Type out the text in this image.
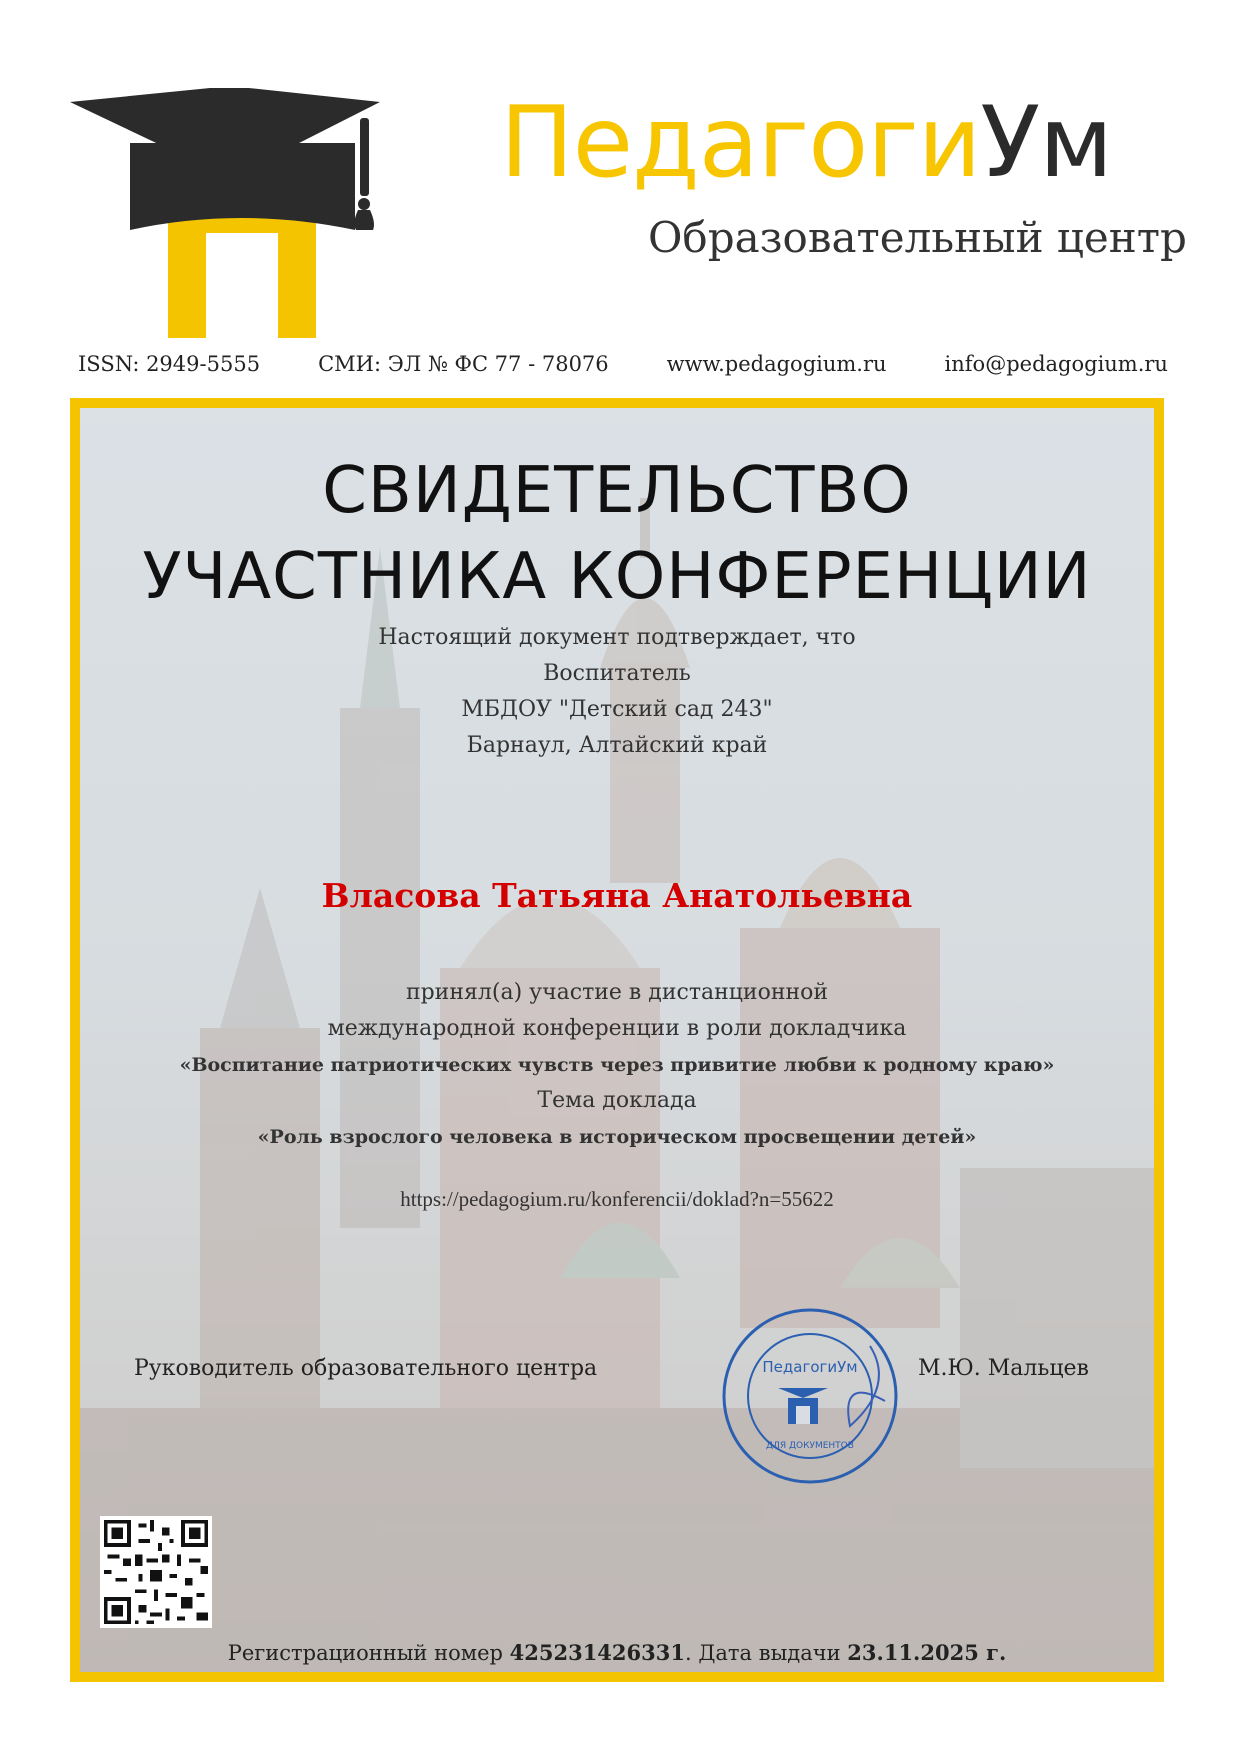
ПедагогиУм
Образовательный центр
ISSN: 2949-5555	СМИ: ЭЛ № ФС 77 - 78076	www.pedagogium.ru	info@pedagogium.ru
СВИДЕТЕЛЬСТВО
УЧАСТНИКА КОНФЕРЕНЦИИ
Настоящий документ подтверждает, что
Воспитатель
МБДОУ "Детский сад 243"
Барнаул, Алтайский край
Власова Татьяна Анатольевна
принял(а) участие в дистанционной
международной конференции в роли докладчика
«Воспитание патриотических чувств через привитие любви к родному краю»
Тема доклада
«Роль взрослого человека в историческом просвещении детей»
https://pedagogium.ru/konferencii/doklad?n=55622
Руководитель образовательного центра	ПедагогиУм
ДЛЯ ДОКУМЕНТОВ
М.Ю. Мальцев
Регистрационный номер 425231426331. Дата выдачи 23.11.2025 г.
